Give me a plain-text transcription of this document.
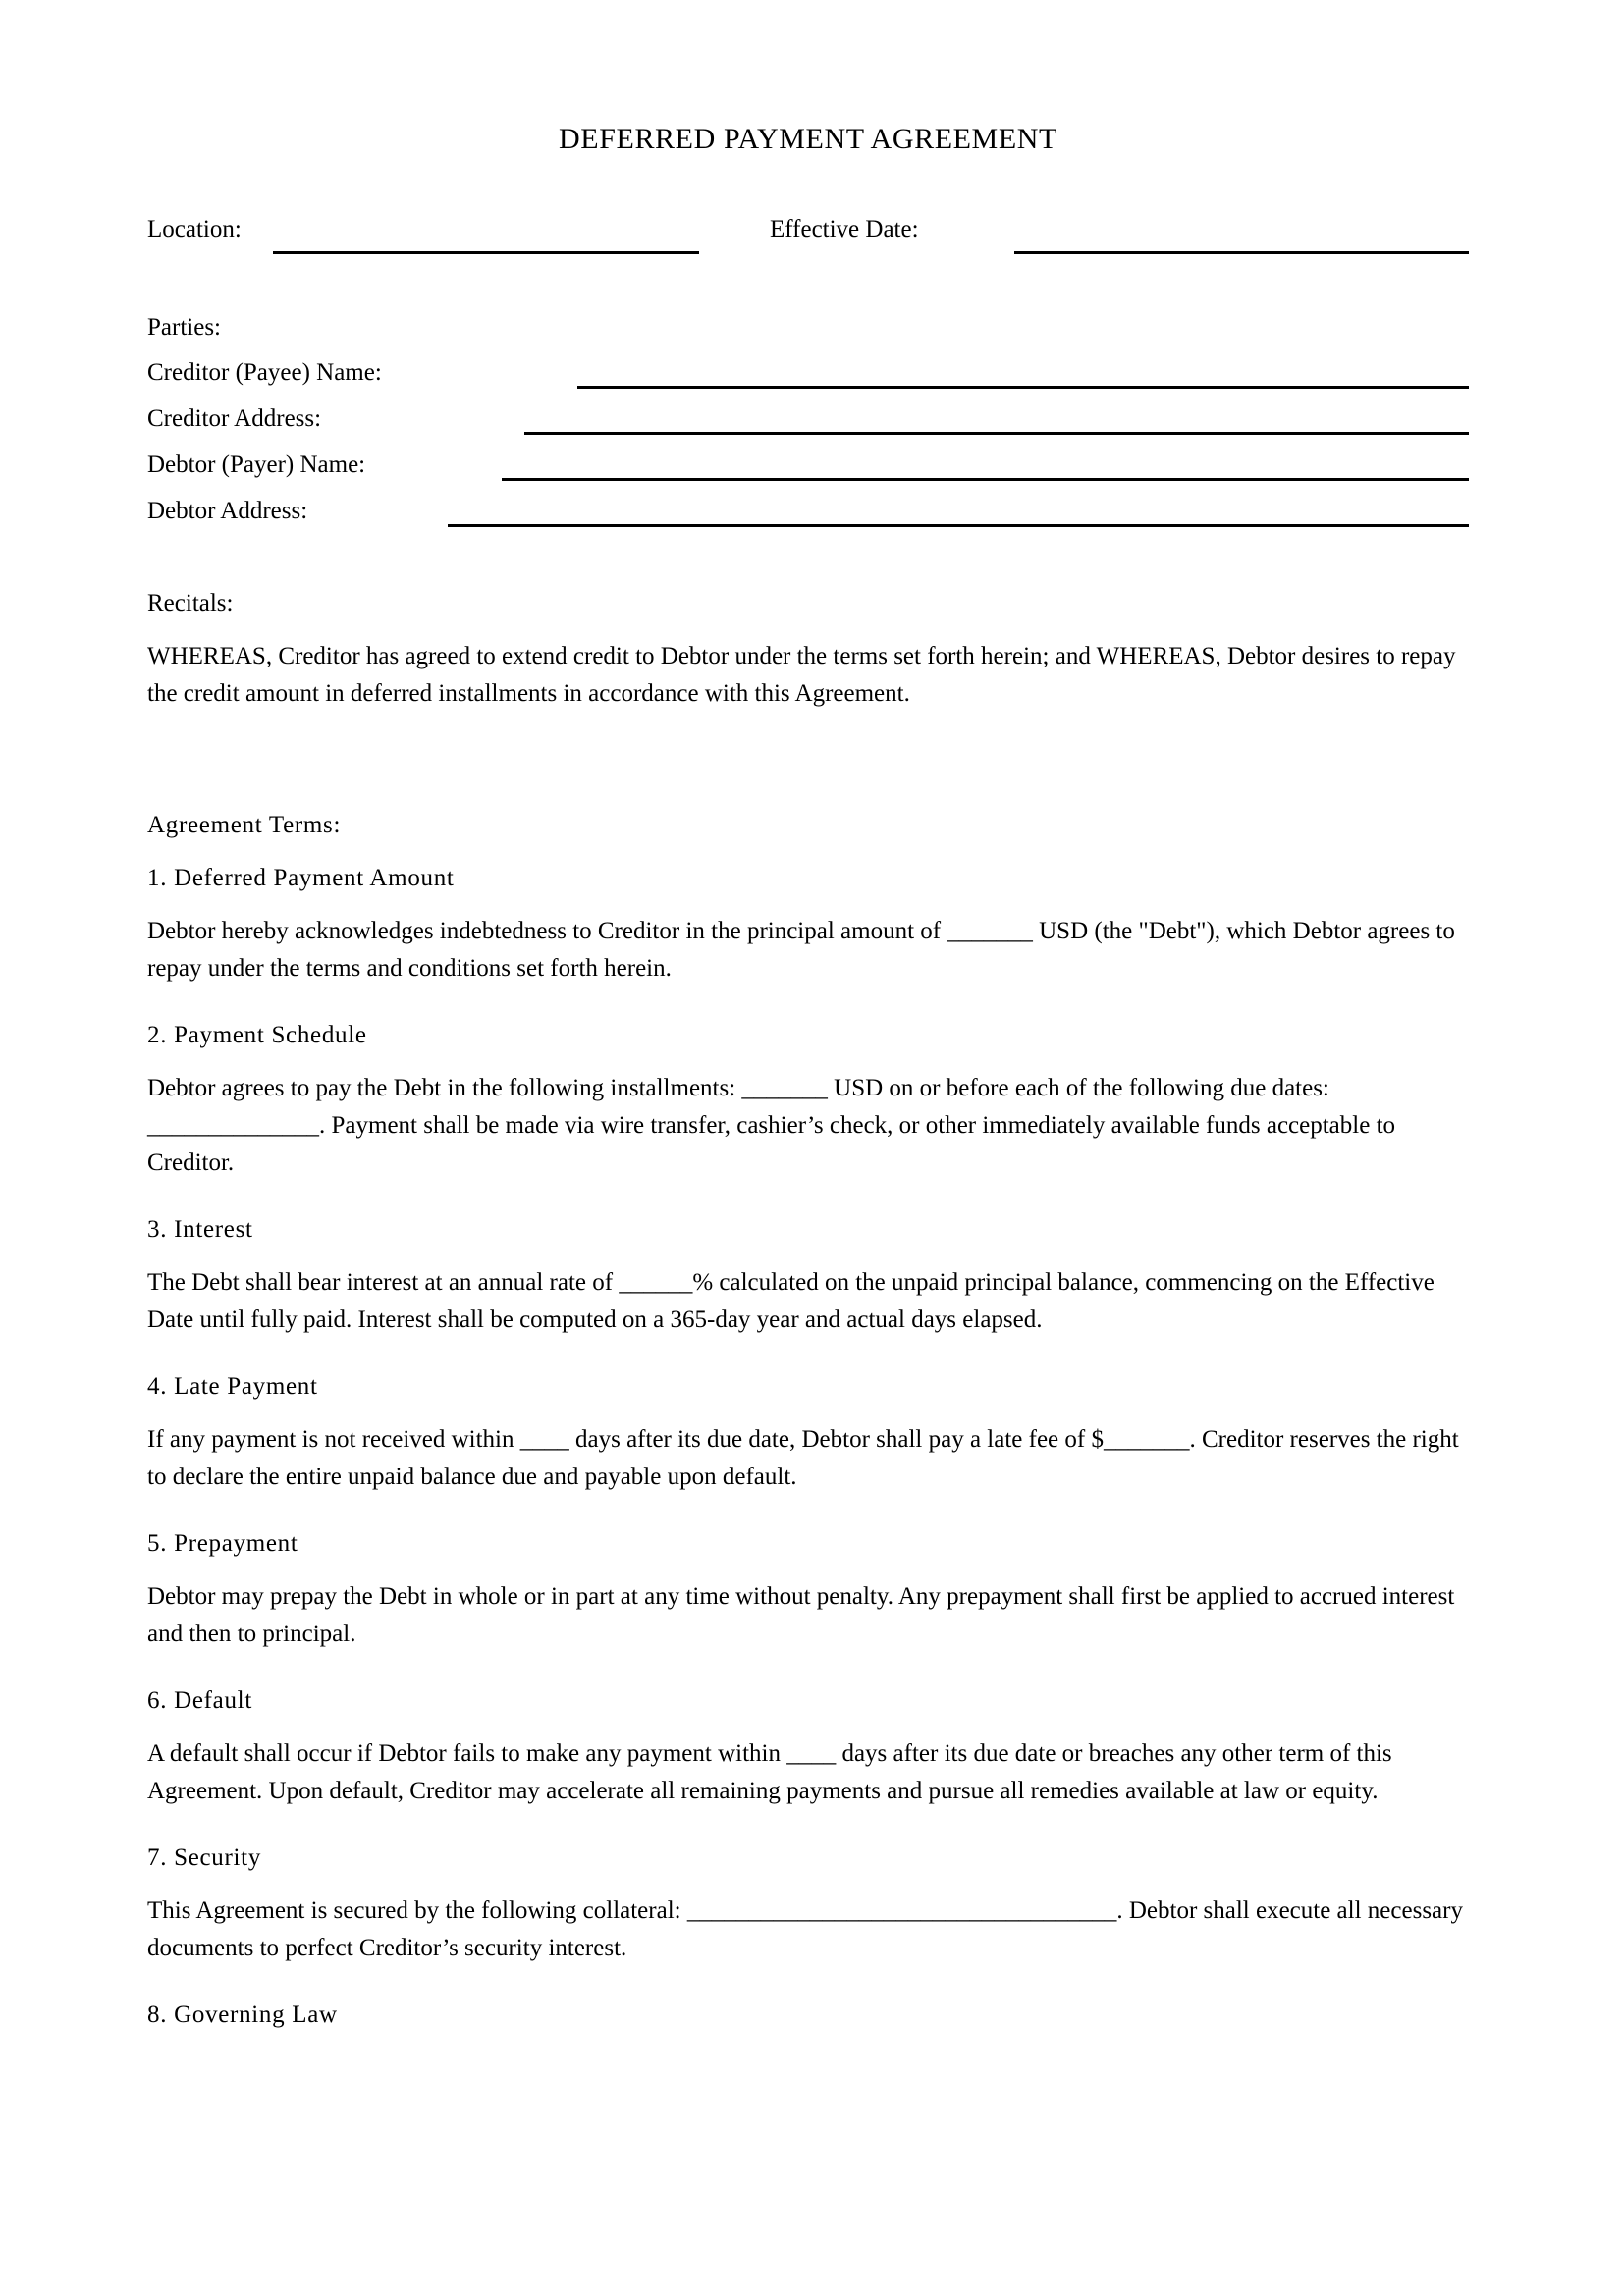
DEFERRED PAYMENT AGREEMENT
Location:	Effective Date:

Parties:

Creditor (Payee) Name:
Creditor Address:
Debtor (Payer) Name:
Debtor Address:

Recitals:

WHEREAS, Creditor has agreed to extend credit to Debtor under the terms set forth herein; and WHEREAS, Debtor desires to repay the credit amount in deferred installments in accordance with this Agreement.

Agreement Terms:

1. Deferred Payment Amount

Debtor hereby acknowledges indebtedness to Creditor in the principal amount of _______ USD (the "Debt"), which Debtor agrees to repay under the terms and conditions set forth herein.

2. Payment Schedule

Debtor agrees to pay the Debt in the following installments: _______ USD on or before each of the following due dates: ______________. Payment shall be made via wire transfer, cashier’s check, or other immediately available funds acceptable to Creditor.

3. Interest

The Debt shall bear interest at an annual rate of ______% calculated on the unpaid principal balance, commencing on the Effective Date until fully paid. Interest shall be computed on a 365-day year and actual days elapsed.

4. Late Payment

If any payment is not received within ____ days after its due date, Debtor shall pay a late fee of $_______. Creditor reserves the right to declare the entire unpaid balance due and payable upon default.

5. Prepayment

Debtor may prepay the Debt in whole or in part at any time without penalty. Any prepayment shall first be applied to accrued interest and then to principal.

6. Default

A default shall occur if Debtor fails to make any payment within ____ days after its due date or breaches any other term of this Agreement. Upon default, Creditor may accelerate all remaining payments and pursue all remedies available at law or equity.

7. Security

This Agreement is secured by the following collateral: ___________________________________. Debtor shall execute all necessary documents to perfect Creditor’s security interest.

8. Governing Law
